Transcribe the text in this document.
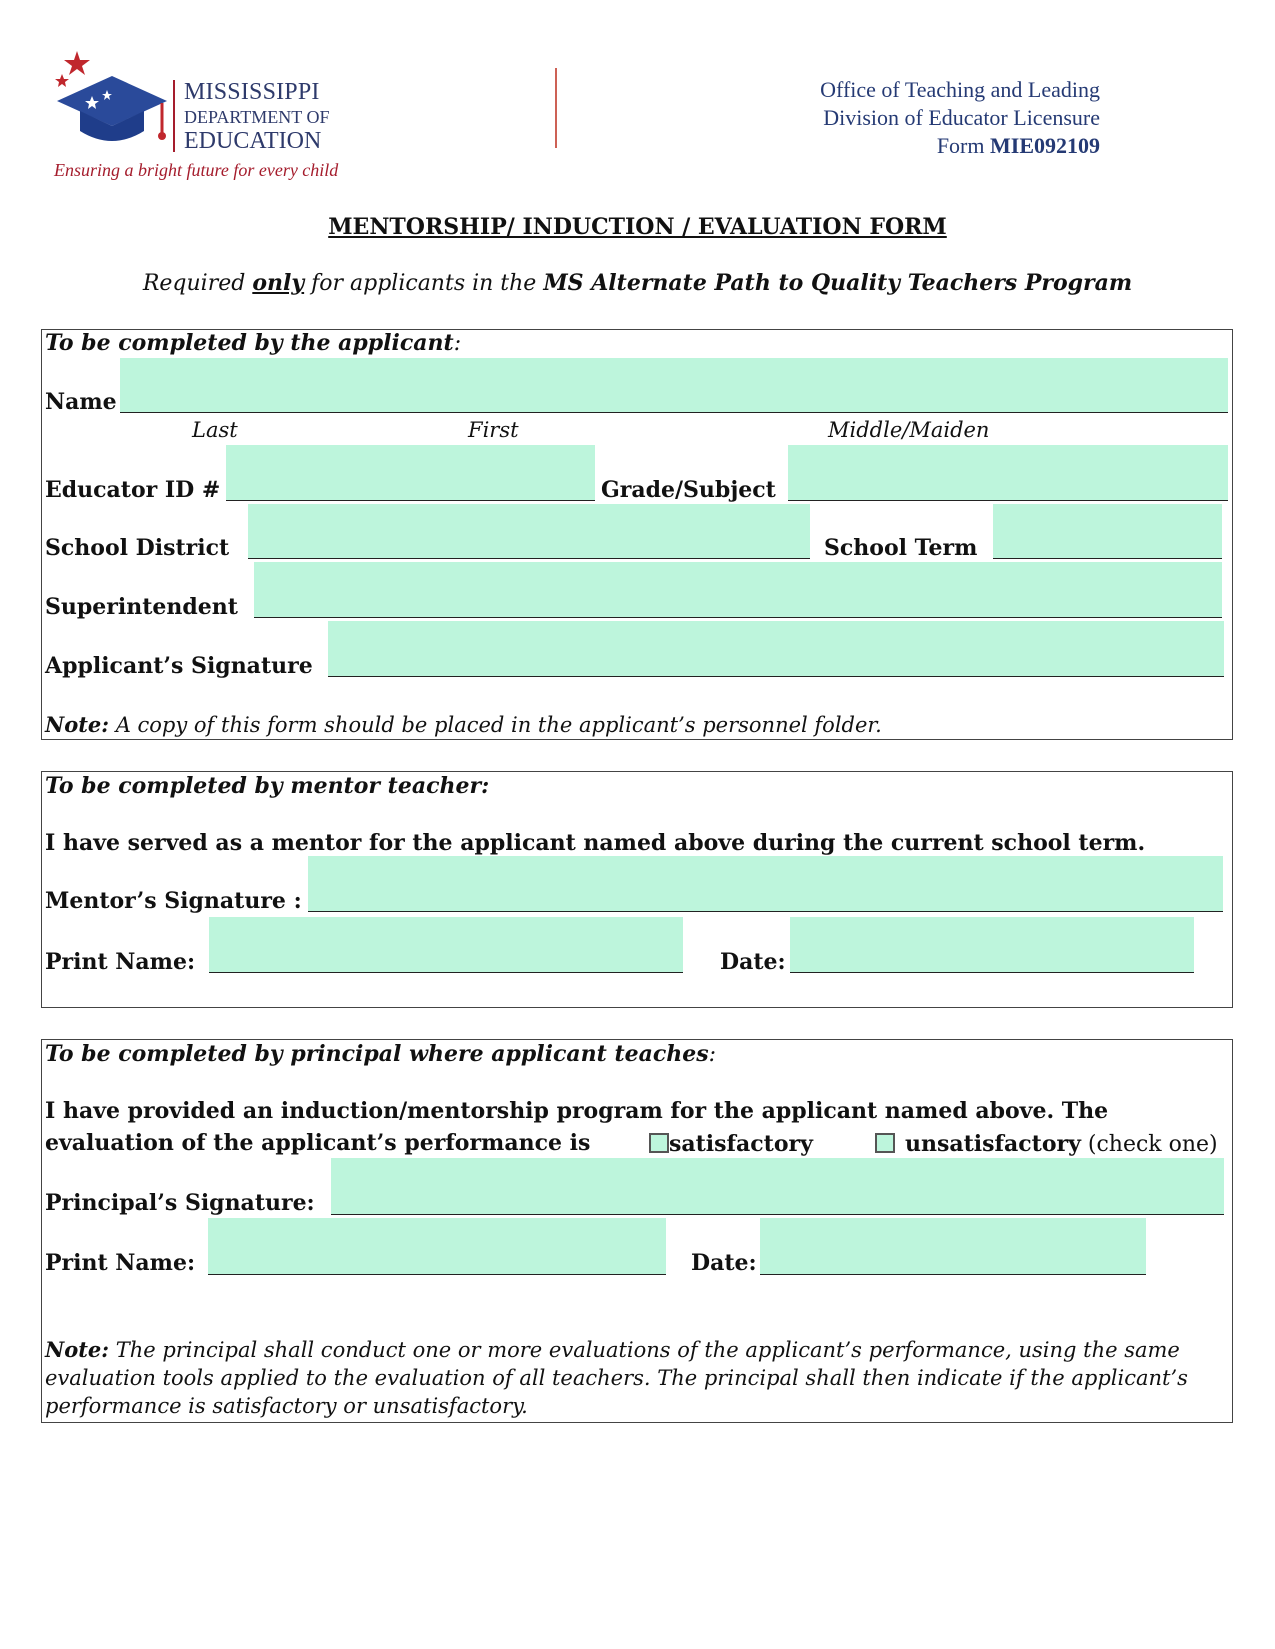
MISSISSIPPI
DEPARTMENT OF
EDUCATION
Ensuring a bright future for every child
Office of Teaching and Leading
Division of Educator Licensure
Form MIE092109
MENTORSHIP/ INDUCTION / EVALUATION FORM
Required only for applicants in the MS Alternate Path to Quality Teachers Program
To be completed by the applicant:
Name
Last	First	Middle/Maiden
Educator ID #	Grade/Subject
School District	School Term
Superintendent
Applicant’s Signature
Note: A copy of this form should be placed in the applicant’s personnel folder.
To be completed by mentor teacher:
I have served as a mentor for the applicant named above during the current school term.
Mentor’s Signature :
Print Name:	Date:
To be completed by principal where applicant teaches:
I have provided an induction/mentorship program for the applicant named above. The
evaluation of the applicant’s performance is	satisfactory	unsatisfactory (check one)
Principal’s Signature:
Print Name:	Date:
Note: The principal shall conduct one or more evaluations of the applicant’s performance, using the same
evaluation tools applied to the evaluation of all teachers. The principal shall then indicate if the applicant’s
performance is satisfactory or unsatisfactory.
